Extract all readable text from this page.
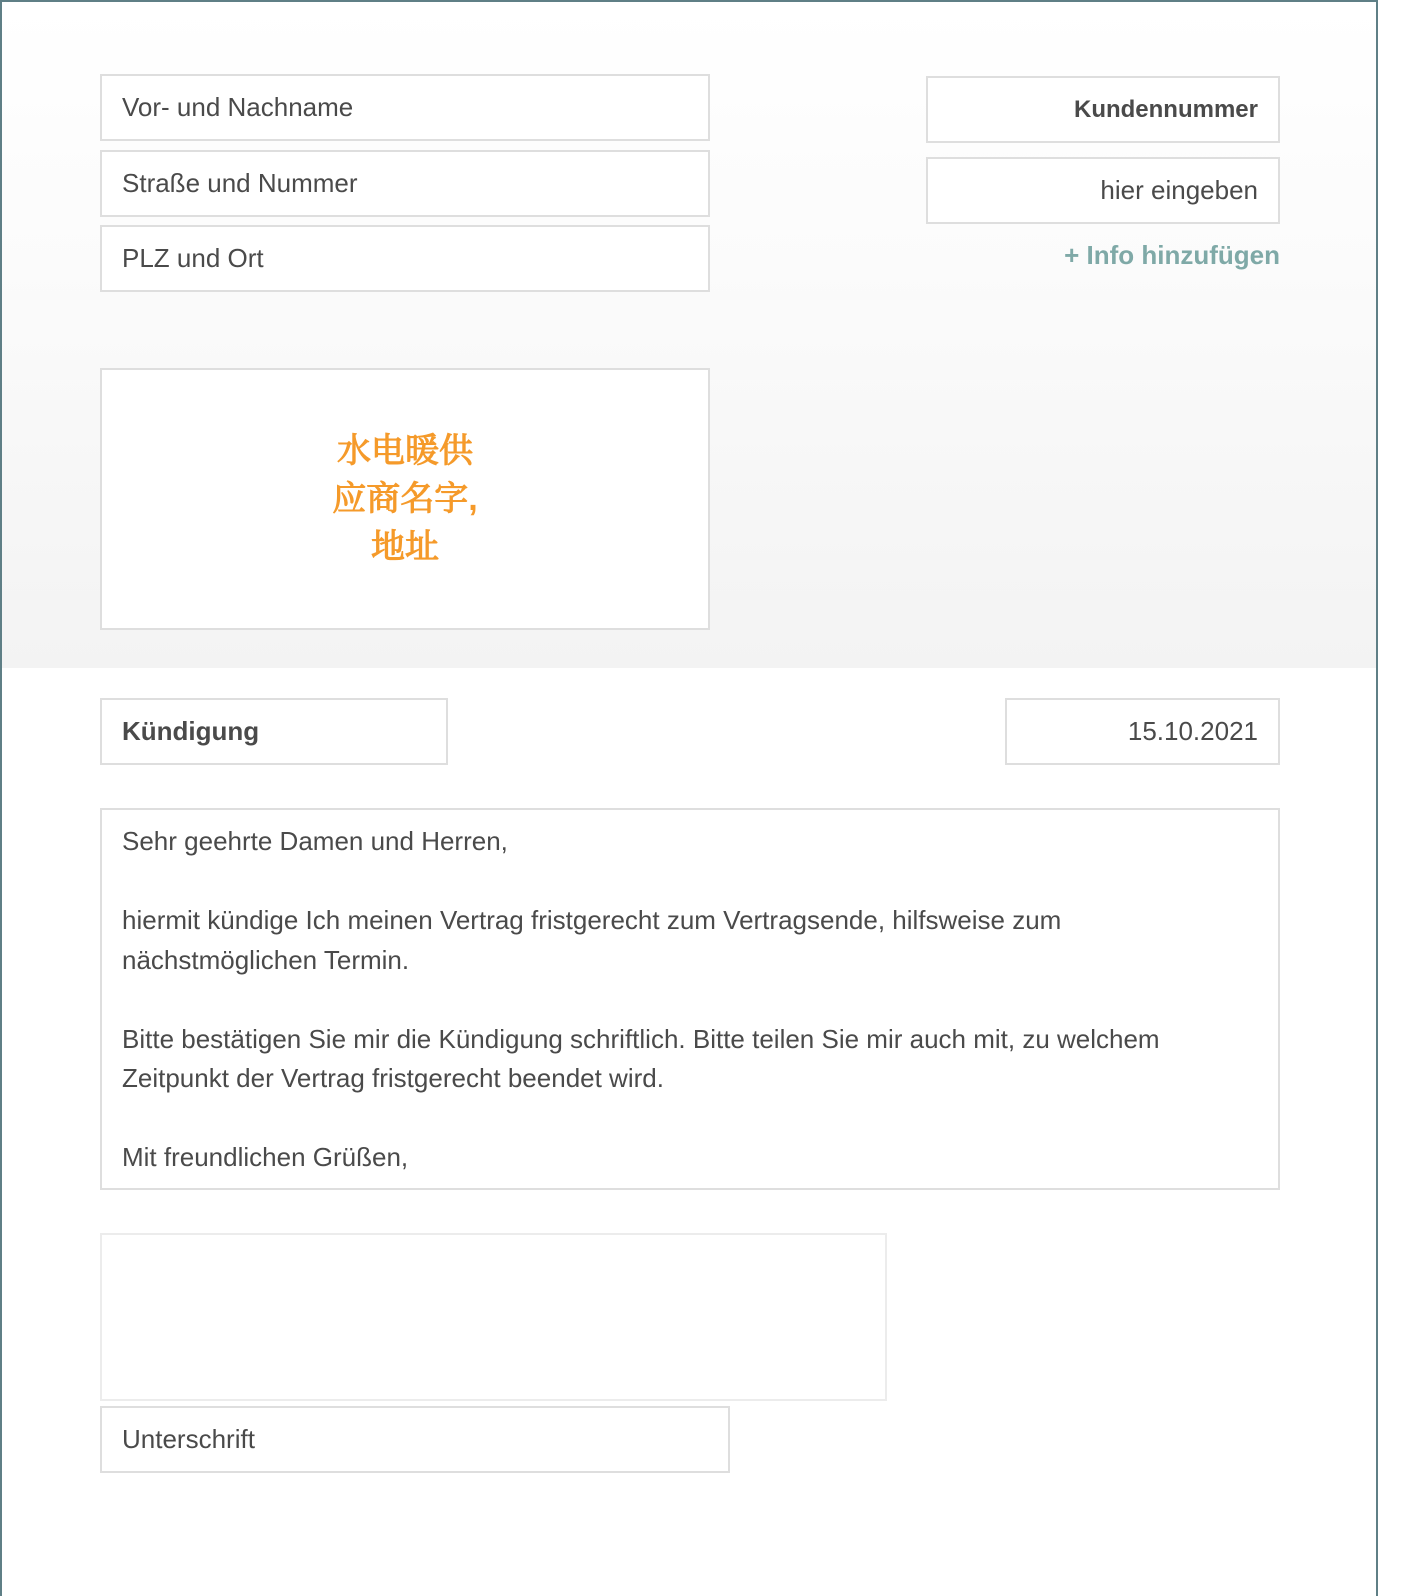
Vor- und Nachname
Straße und Nummer
PLZ und Ort
Kundennummer
hier eingeben
+ Info hinzufügen
水电暖供
应商名字,
地址
Kündigung	15.10.2021

Sehr geehrte Damen und Herren,

hiermit kündige Ich meinen Vertrag fristgerecht zum Vertragsende, hilfsweise zum nächstmöglichen Termin.

Bitte bestätigen Sie mir die Kündigung schriftlich. Bitte teilen Sie mir auch mit, zu welchem Zeitpunkt der Vertrag fristgerecht beendet wird.

Mit freundlichen Grüßen,

Unterschrift
